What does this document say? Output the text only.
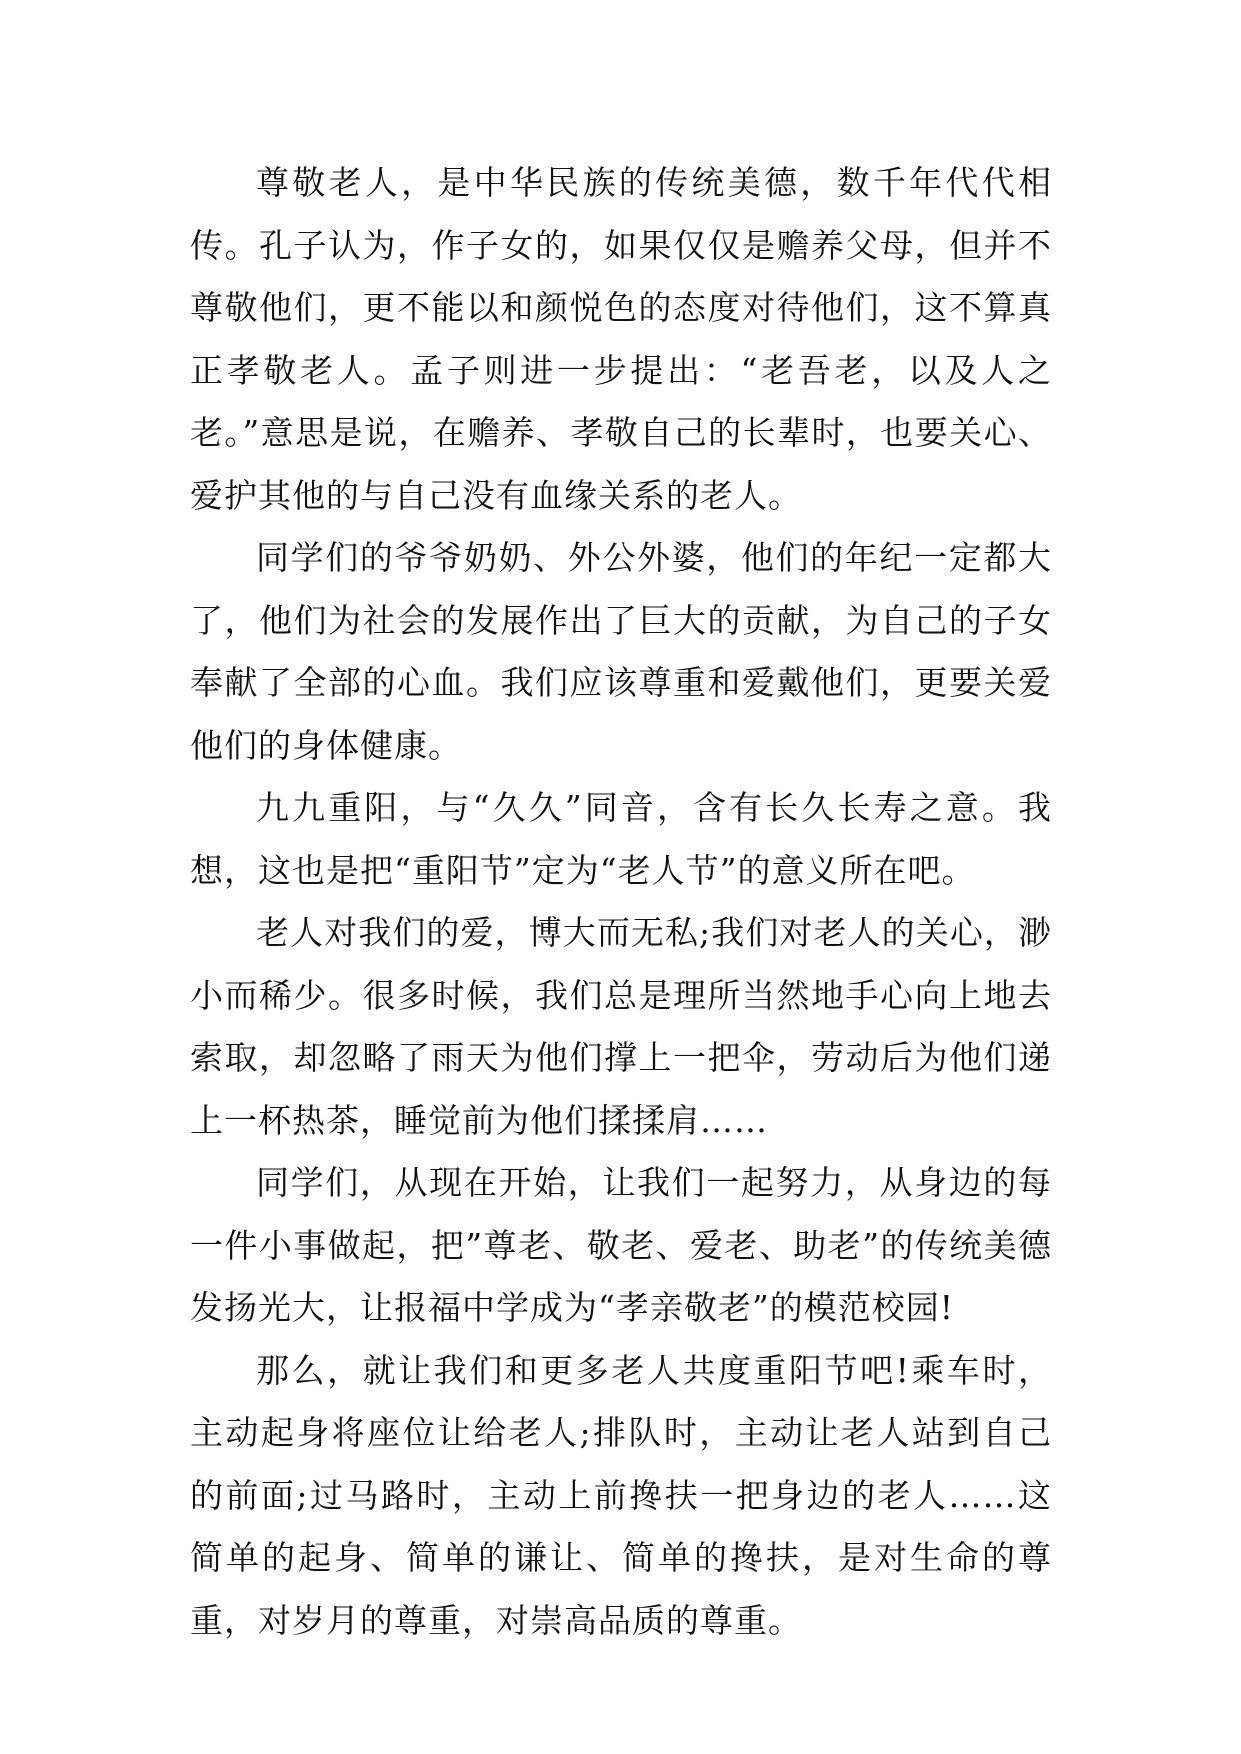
尊敬老人，是中华民族的传统美德，数千年代代相传。孔子认为，作子女的，如果仅仅是赡养父母，但并不尊敬他们，更不能以和颜悦色的态度对待他们，这不算真正孝敬老人。孟子则进一步提出：“老吾老，以及人之老。”意思是说，在赡养、孝敬自己的长辈时，也要关心、爱护其他的与自己没有血缘关系的老人。

同学们的爷爷奶奶、外公外婆，他们的年纪一定都大了，他们为社会的发展作出了巨大的贡献，为自己的子女奉献了全部的心血。我们应该尊重和爱戴他们，更要关爱他们的身体健康。

九九重阳，与“久久”同音，含有长久长寿之意。我想，这也是把“重阳节”定为“老人节”的意义所在吧。

老人对我们的爱，博大而无私;我们对老人的关心，渺小而稀少。很多时候，我们总是理所当然地手心向上地去索取，却忽略了雨天为他们撑上一把伞，劳动后为他们递上一杯热茶，睡觉前为他们揉揉肩……

同学们，从现在开始，让我们一起努力，从身边的每一件小事做起，把”尊老、敬老、爱老、助老”的传统美德发扬光大，让报福中学成为“孝亲敬老”的模范校园!

那么，就让我们和更多老人共度重阳节吧!乘车时，主动起身将座位让给老人;排队时，主动让老人站到自己的前面;过马路时，主动上前搀扶一把身边的老人……这简单的起身、简单的谦让、简单的搀扶，是对生命的尊重，对岁月的尊重，对崇高品质的尊重。
